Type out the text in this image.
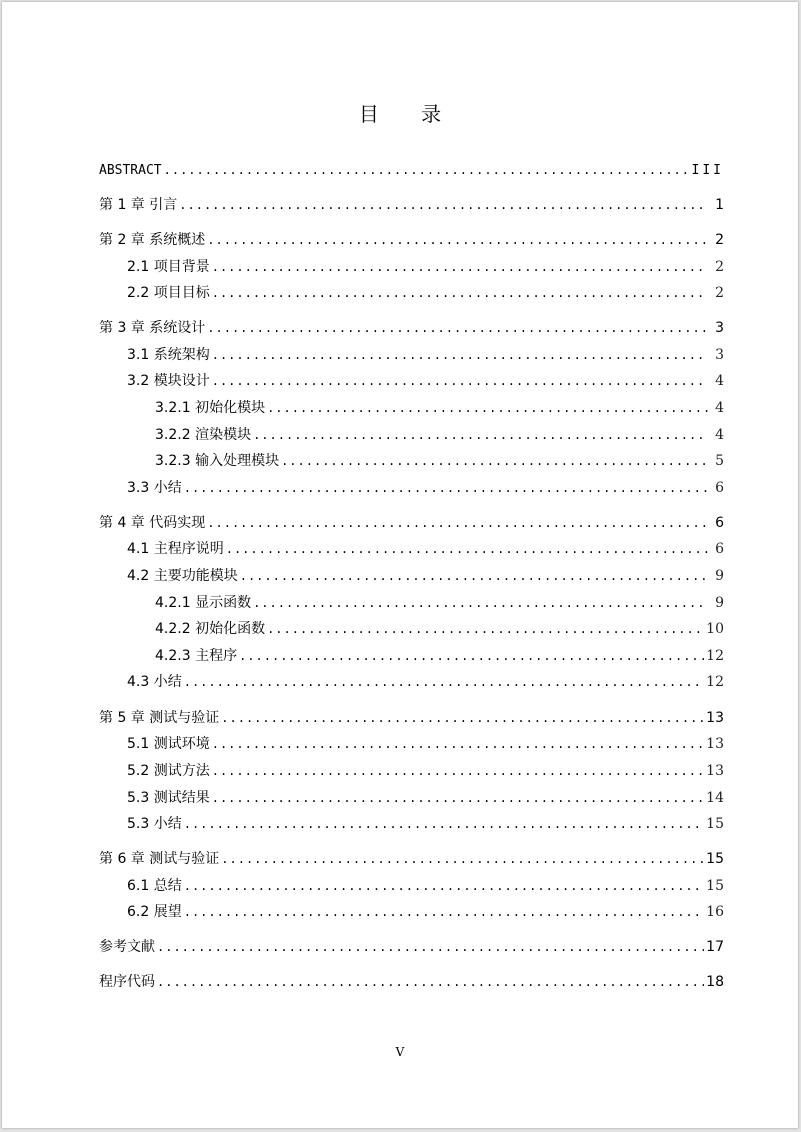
目 录
ABSTRACT .....	III
第 1 章 引言 .....	1
第 2 章 系统概述 .....	2
2.1 项目背景 .....	2
2.2 项目目标 .....	2
第 3 章 系统设计 .....	3
3.1 系统架构 .....	3
3.2 模块设计 .....	4
3.2.1 初始化模块 .....	4
3.2.2 渲染模块 .....	4
3.2.3 输入处理模块 .....	5
3.3 小结 .....	6
第 4 章 代码实现 .....	6
4.1 主程序说明 .....	6
4.2 主要功能模块 .....	9
4.2.1 显示函数 .....	9
4.2.2 初始化函数 .....	10
4.2.3 主程序 .....	12
4.3 小结 .....	12
第 5 章 测试与验证 .....	13
5.1 测试环境 .....	13
5.2 测试方法 .....	13
5.3 测试结果 .....	14
5.3 小结 .....	15
第 6 章 测试与验证 .....	15
6.1 总结 .....	15
6.2 展望 .....	16
参考文献 .....	17
程序代码 .....	18
V
